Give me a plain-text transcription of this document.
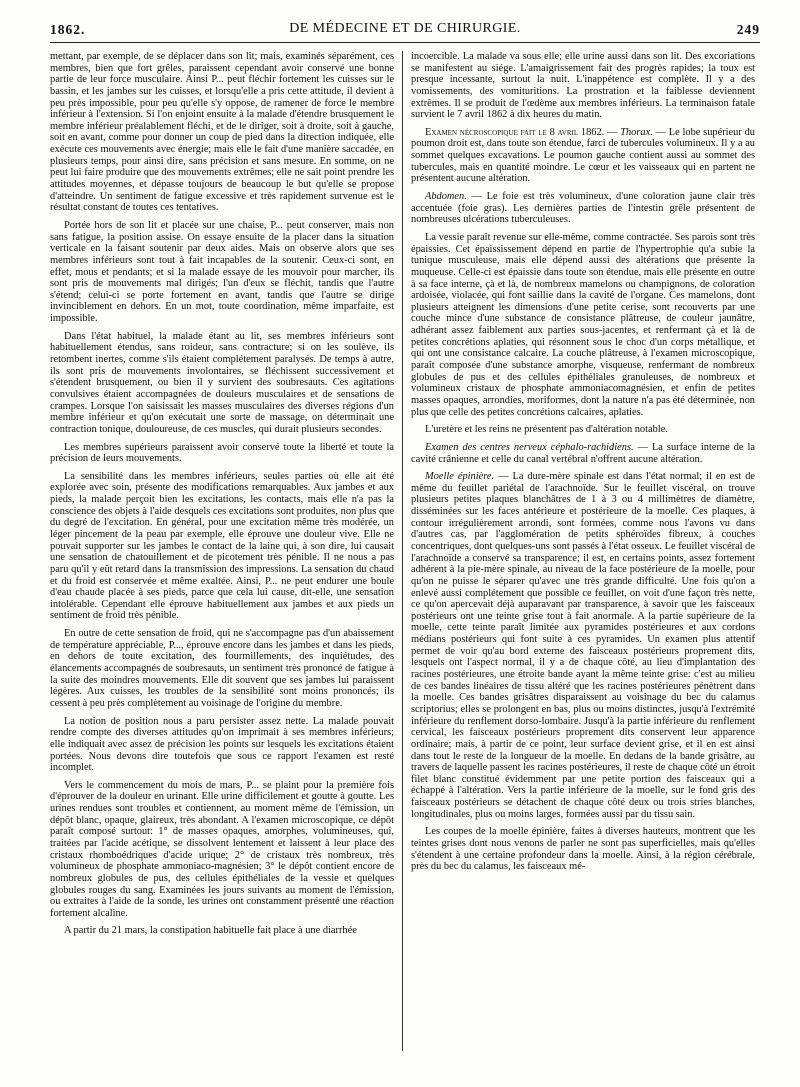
1862.	DE MÉDECINE ET DE CHIRURGIE.	249

mettant, par exemple, de se déplacer dans son lit; mais, examinés séparément, ces membres, bien que fort grêles, paraissent cependant avoir conservé une bonne partie de leur force musculaire. Ainsi P... peut fléchir fortement les cuisses sur le bassin, et les jambes sur les cuisses, et lorsqu'elle a pris cette attitude, il devient à peu près impossible, pour peu qu'elle s'y oppose, de ramener de force le membre inférieur à l'extension. Si l'on enjoint ensuite à la malade d'étendre brusquement le membre inférieur préalablement fléchi, et de le diriger, soit à droite, soit à gauche, soit en avant, comme pour donner un coup de pied dans la direction indiquée, elle exécute ces mouvements avec énergie; mais elle le fait d'une manière saccadée, en plusieurs temps, pour ainsi dire, sans précision et sans mesure. En somme, on ne peut lui faire produire que des mouvements extrêmes; elle ne sait point prendre les attitudes moyennes, et dépasse toujours de beaucoup le but qu'elle se propose d'atteindre. Un sentiment de fatigue excessive et très rapidement survenue est le résultat constant de toutes ces tentatives.

Portée hors de son lit et placée sur une chaise, P... peut conserver, mais non sans fatigue, la position assise. On essaye ensuite de la placer dans la situation verticale en la faisant soutenir par deux aides. Mais on observe alors que ses membres inférieurs sont tout à fait incapables de la soutenir. Ceux-ci sont, en effet, mous et pendants; et si la malade essaye de les mouvoir pour marcher, ils sont pris de mouvements mal dirigés; l'un d'eux se fléchit, tandis que l'autre s'étend; celui-ci se porte fortement en avant, tandis que l'autre se dirige invinciblement en dehors. En un mot, toute coordination, même imparfaite, est impossible.

Dans l'état habituel, la malade étant au lit, ses membres inférieurs sont habituellement étendus, sans roideur, sans contracture; si on les soulève, ils retombent inertes, comme s'ils étaient complétement paralysés. De temps à autre, ils sont pris de mouvements involontaires, se fléchissent successivement et s'étendent brusquement, ou bien il y survient des soubresauts. Ces agitations convulsives étaient accompagnées de douleurs musculaires et de sensations de crampes. Lorsque l'on saisissait les masses musculaires des diverses régions d'un membre inférieur et qu'on exécutait une sorte de massage, on déterminait une contraction tonique, douloureuse, de ces muscles, qui durait plusieurs secondes.

Les membres supérieurs paraissent avoir conservé toute la liberté et toute la précision de leurs mouvements.

La sensibilité dans les membres inférieurs, seules parties où elle ait été explorée avec soin, présente des modifications remarquables. Aux jambes et aux pieds, la malade perçoit bien les excitations, les contacts, mais elle n'a pas la conscience des objets à l'aide desquels ces excitations sont produites, non plus que du degré de l'excitation. En général, pour une excitation même très modérée, un léger pincement de la peau par exemple, elle éprouve une douleur vive. Elle ne pouvait supporter sur les jambes le contact de la laine qui, à son dire, lui causait une sensation de chatouillement et de picotement très pénible. Il ne nous a pas paru qu'il y eût retard dans la transmission des impressions. La sensation du chaud et du froid est conservée et même exaltée. Ainsi, P... ne peut endurer une boule d'eau chaude placée à ses pieds, parce que cela lui cause, dit-elle, une sensation intolérable. Cependant elle éprouve habituellement aux jambes et aux pieds un sentiment de froid très pénible.

En outre de cette sensation de froid, qui ne s'accompagne pas d'un abaissement de température appréciable, P..., éprouve encore dans les jambes et dans les pieds, en dehors de toute excitation, des fourmillements, des inquiétudes, des élancements accompagnés de soubresauts, un sentiment très prononcé de fatigue à la suite des moindres mouvements. Elle dit souvent que ses jambes lui paraissent légères. Aux cuisses, les troubles de la sensibilité sont moins prononcés; ils cessent à peu près complètement au voisinage de l'origine du membre.

La notion de position nous a paru persister assez nette. La malade pouvait rendre compte des diverses attitudes qu'on imprimait à ses membres inférieurs; elle indiquait avec assez de précision les points sur lesquels les excitations étaient portées. Nous devons dire toutefois que sous ce rapport l'examen est resté incomplet.

Vers le commencement du mois de mars, P... se plaint pour la première fois d'éprouver de la douleur en urinant. Elle urine difficilement et goutte à goutte. Les urines rendues sont troubles et contiennent, au moment même de l'émission, un dépôt blanc, opaque, glaireux, très abondant. A l'examen microscopique, ce dépôt paraît composé surtout: 1° de masses opaques, amorphes, volumineuses, qui, traitées par l'acide acétique, se dissolvent lentement et laissent à leur place des cristaux rhomboédriques d'acide urique; 2° de cristaux très nombreux, très volumineux de phosphate ammoniaco-magnésien; 3° le dépôt contient encore de nombreux globules de pus, des cellules épithéliales de la vessie et quelques globules rouges du sang. Examinées les jours suivants au moment de l'émission, ou extraites à l'aide de la sonde, les urines ont constamment présenté une réaction fortement alcaline.

A partir du 21 mars, la constipation habituelle fait place à une diarrhée

incoercible. La malade va sous elle; elle urine aussi dans son lit. Des excoriations se manifestent au siége. L'amaigrissement fait des progrès rapides; la toux est presque incessante, surtout la nuit. L'inappétence est complète. Il y a des vomissements, des vomituritions. La prostration et la faiblesse deviennent extrêmes. Il se produit de l'œdème aux membres inférieurs. La terminaison fatale survient le 7 avril 1862 à dix heures du matin.

Examen nécroscopique fait le 8 avril 1862. — Thorax. — Le lobe supérieur du poumon droit est, dans toute son étendue, farci de tubercules volumineux. Il y a au sommet quelques excavations. Le poumon gauche contient aussi au sommet des tubercules, mais en quantité moindre. Le cœur et les vaisseaux qui en partent ne présentent aucune altération.

Abdomen. — Le foie est très volumineux, d'une coloration jaune clair très accentuée (foie gras). Les dernières parties de l'intestin grêle présentent de nombreuses ulcérations tuberculeuses.

La vessie paraît revenue sur elle-même, comme contractée. Ses parois sont très épaissies. Cet épaississement dépend en partie de l'hypertrophie qu'a subie la tunique musculeuse, mais elle dépend aussi des altérations que présente la muqueuse. Celle-ci est épaissie dans toute son étendue, mais elle présente en outre à sa face interne, çà et là, de nombreux mamelons ou champignons, de coloration ardoisée, violacée, qui font saillie dans la cavité de l'organe. Ces mamelons, dont plusieurs atteignent les dimensions d'une petite cerise, sont recouverts par une couche mince d'une substance de consistance plâtreuse, de couleur jaunâtre, adhérant assez faiblement aux parties sous-jacentes, et renfermant çà et là de petites concrétions aplaties, qui résonnent sous le choc d'un corps métallique, et qui ont une consistance calcaire. La couche plâtreuse, à l'examen microscopique, paraît composée d'une substance amorphe, visqueuse, renfermant de nombreux globules de pus et des cellules épithéliales granuleuses, de nombreux et volumineux cristaux de phosphate ammoniacomagnésien, et enfin de petites masses opaques, arrondies, moriformes, dont la nature n'a pas été déterminée, non plus que celle des petites concrétions calcaires, aplaties.

L'uretère et les reins ne présentent pas d'altération notable.

Examen des centres nerveux céphalo-rachidiens. — La surface interne de la cavité crânienne et celle du canal vertébral n'offrent aucune altération.

Moelle épinière. — La dure-mère spinale est dans l'état normal; il en est de même du feuillet pariétal de l'arachnoïde. Sur le feuillet viscéral, on trouve plusieurs petites plaques blanchâtres de 1 à 3 ou 4 millimètres de diamètre, disséminées sur les faces antérieure et postérieure de la moelle. Ces plaques, à contour irrégulièrement arrondi, sont formées, comme nous l'avons vu dans d'autres cas, par l'agglomération de petits sphéroïdes fibreux, à couches concentriques, dont quelques-uns sont passés à l'état osseux. Le feuillet viscéral de l'arachnoïde a conservé sa transparence; il est, en certains points, assez fortement adhérent à la pie-mère spinale, au niveau de la face postérieure de la moelle, pour qu'on ne puisse le séparer qu'avec une très grande difficulté. Une fois qu'on a enlevé aussi complétement que possible ce feuillet, on voit d'une façon très nette, ce qu'on apercevait déjà auparavant par transparence, à savoir que les faisceaux postérieurs ont une teinte grise tout à fait anormale. A la partie supérieure de la moelle, cette teinte paraît limitée aux pyramides postérieures et aux cordons médians postérieurs qui font suite à ces pyramides. Un examen plus attentif permet de voir qu'au bord externe des faisceaux postérieurs proprement dits, lesquels ont l'aspect normal, il y a de chaque côté, au lieu d'implantation des racines postérieures, une étroite bande ayant la même teinte grise: c'est au milieu de ces bandes linéaires de tissu altéré que les racines postérieures pénètrent dans la moelle. Ces bandes grisâtres disparaissent au voisinage du bec du calamus scriptorius; elles se prolongent en bas, plus ou moins distinctes, jusqu'à l'extrémité inférieure du renflement dorso-lombaire. Jusqu'à la partie inférieure du renflement cervical, les faisceaux postérieurs proprement dits conservent leur apparence ordinaire; mais, à partir de ce point, leur surface devient grise, et il en est ainsi dans tout le reste de la longueur de la moelle. En dedans de la bande grisâtre, au travers de laquelle passent les racines postérieures, il reste de chaque côté un étroit filet blanc constitué évidemment par une petite portion des faisceaux qui a échappé à l'altération. Vers la partie inférieure de la moelle, sur le fond gris des faisceaux postérieurs se détachent de chaque côté deux ou trois stries blanches, longitudinales, plus ou moins larges, formées aussi par du tissu sain.

Les coupes de la moelle épinière, faites à diverses hauteurs, montrent que les teintes grises dont nous venons de parler ne sont pas superficielles, mais qu'elles s'étendent à une certaine profondeur dans la moelle. Ainsi, à la région cérébrale, près du bec du calamus, les faisceaux mé-
